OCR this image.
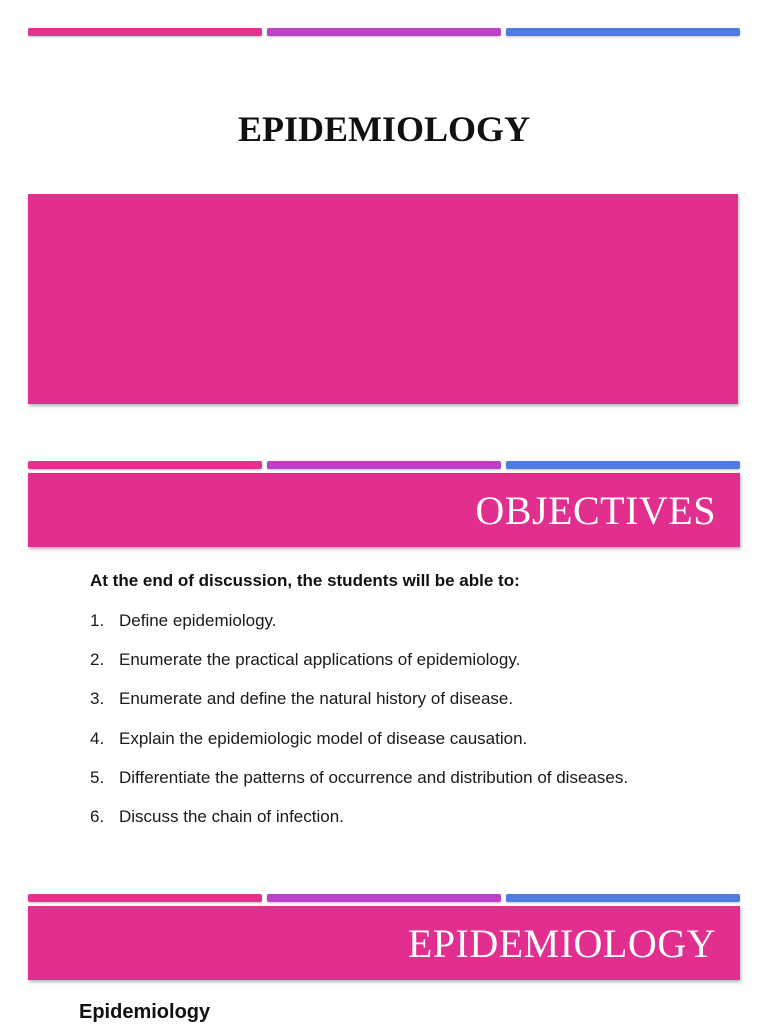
EPIDEMIOLOGY
OBJECTIVES

At the end of discussion, the students will be able to:

1. Define epidemiology.
2. Enumerate the practical applications of epidemiology.
3. Enumerate and define the natural history of disease.
4. Explain the epidemiologic model of disease causation.
5. Differentiate the patterns of occurrence and distribution of diseases.
6. Discuss the chain of infection.
EPIDEMIOLOGY
Epidemiology
